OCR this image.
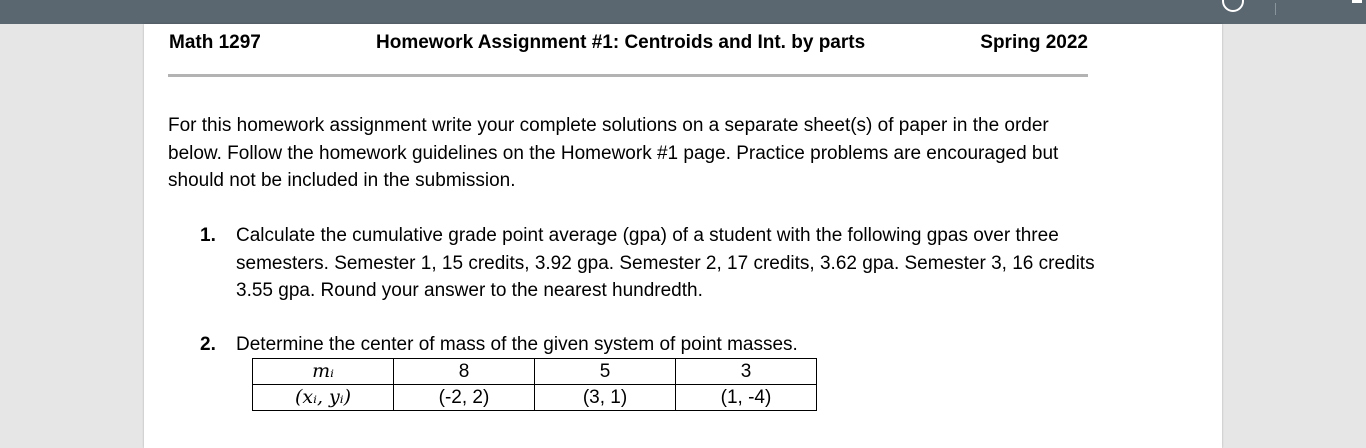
Math 1297	Homework Assignment #1: Centroids and Int. by parts	Spring 2022
For this homework assignment write your complete solutions on a separate sheet(s) of paper in the order below. Follow the homework guidelines on the Homework #1 page. Practice problems are encouraged but should not be included in the submission.
1. Calculate the cumulative grade point average (gpa) of a student with the following gpas over three semesters. Semester 1, 15 credits, 3.92 gpa. Semester 2, 17 credits, 3.62 gpa. Semester 3, 16 credits 3.55 gpa. Round your answer to the nearest hundredth.
2. Determine the center of mass of the given system of point masses.
mᵢ	8	5	3
(xᵢ, yᵢ)	(-2, 2)	(3, 1)	(1, -4)
